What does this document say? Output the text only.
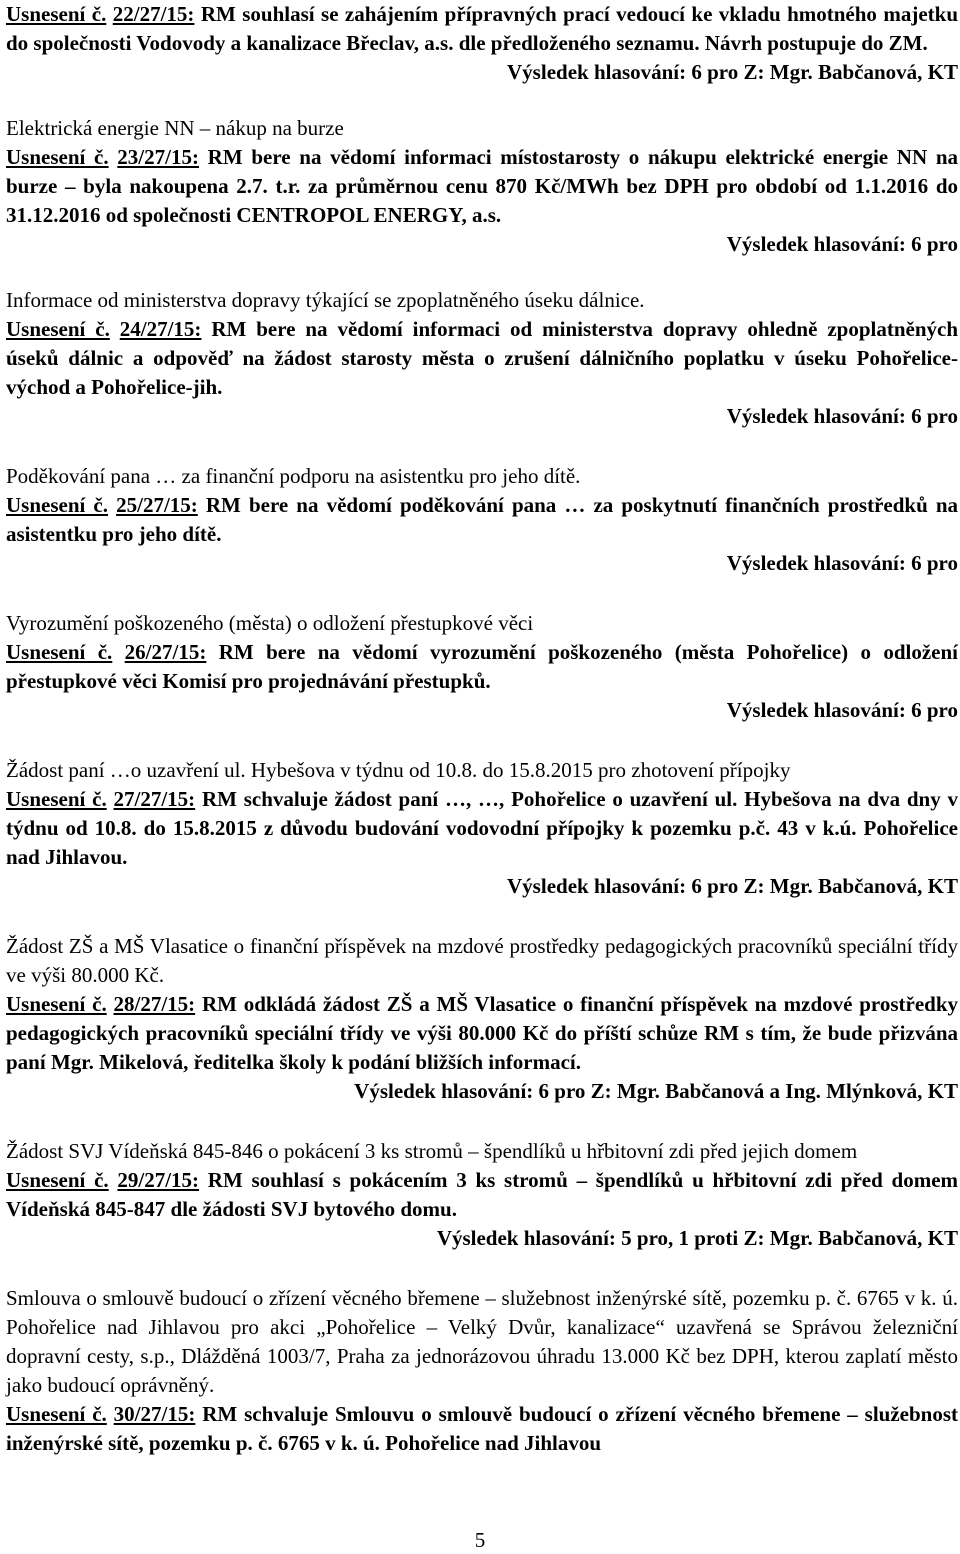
Usnesení č. 22/27/15: RM souhlasí se zahájením přípravných prací vedoucí ke vkladu hmotného majetku do společnosti Vodovody a kanalizace Břeclav, a.s. dle předloženého seznamu. Návrh postupuje do ZM.

Výsledek hlasování: 6 pro Z: Mgr. Babčanová, KT

Elektrická energie NN – nákup na burze

Usnesení č. 23/27/15: RM bere na vědomí informaci místostarosty o nákupu elektrické energie NN na burze – byla nakoupena 2.7. t.r. za průměrnou cenu 870 Kč/MWh bez DPH pro období od 1.1.2016 do 31.12.2016 od společnosti CENTROPOL ENERGY, a.s.

Výsledek hlasování: 6 pro

Informace od ministerstva dopravy týkající se zpoplatněného úseku dálnice.

Usnesení č. 24/27/15: RM bere na vědomí informaci od ministerstva dopravy ohledně zpoplatněných úseků dálnic a odpověď na žádost starosty města o zrušení dálničního poplatku v úseku Pohořelice-východ a Pohořelice-jih.

Výsledek hlasování: 6 pro

Poděkování pana … za finanční podporu na asistentku pro jeho dítě.

Usnesení č. 25/27/15: RM bere na vědomí poděkování pana … za poskytnutí finančních prostředků na asistentku pro jeho dítě.

Výsledek hlasování: 6 pro

Vyrozumění poškozeného (města) o odložení přestupkové věci

Usnesení č. 26/27/15: RM bere na vědomí vyrozumění poškozeného (města Pohořelice) o odložení přestupkové věci Komisí pro projednávání přestupků.

Výsledek hlasování: 6 pro

Žádost paní …o uzavření ul. Hybešova v týdnu od 10.8. do 15.8.2015 pro zhotovení přípojky

Usnesení č. 27/27/15: RM schvaluje žádost paní …, …, Pohořelice o uzavření ul. Hybešova na dva dny v týdnu od 10.8. do 15.8.2015 z důvodu budování vodovodní přípojky k pozemku p.č. 43 v k.ú. Pohořelice nad Jihlavou.

Výsledek hlasování: 6 pro Z: Mgr. Babčanová, KT

Žádost ZŠ a MŠ Vlasatice o finanční příspěvek na mzdové prostředky pedagogických pracovníků speciální třídy ve výši 80.000 Kč.

Usnesení č. 28/27/15: RM odkládá žádost ZŠ a MŠ Vlasatice o finanční příspěvek na mzdové prostředky pedagogických pracovníků speciální třídy ve výši 80.000 Kč do příští schůze RM s tím, že bude přizvána paní Mgr. Mikelová, ředitelka školy k podání bližších informací.

Výsledek hlasování: 6 pro Z: Mgr. Babčanová a Ing. Mlýnková, KT

Žádost SVJ Vídeňská 845-846 o pokácení 3 ks stromů – špendlíků u hřbitovní zdi před jejich domem

Usnesení č. 29/27/15: RM souhlasí s pokácením 3 ks stromů – špendlíků u hřbitovní zdi před domem Vídeňská 845-847 dle žádosti SVJ bytového domu.

Výsledek hlasování: 5 pro, 1 proti Z: Mgr. Babčanová, KT

Smlouva o smlouvě budoucí o zřízení věcného břemene – služebnost inženýrské sítě, pozemku p. č. 6765 v k. ú. Pohořelice nad Jihlavou pro akci „Pohořelice – Velký Dvůr, kanalizace“ uzavřená se Správou železniční dopravní cesty, s.p., Dlážděná 1003/7, Praha za jednorázovou úhradu 13.000 Kč bez DPH, kterou zaplatí město jako budoucí oprávněný.

Usnesení č. 30/27/15: RM schvaluje Smlouvu o smlouvě budoucí o zřízení věcného břemene – služebnost inženýrské sítě, pozemku p. č. 6765 v k. ú. Pohořelice nad Jihlavou

5
